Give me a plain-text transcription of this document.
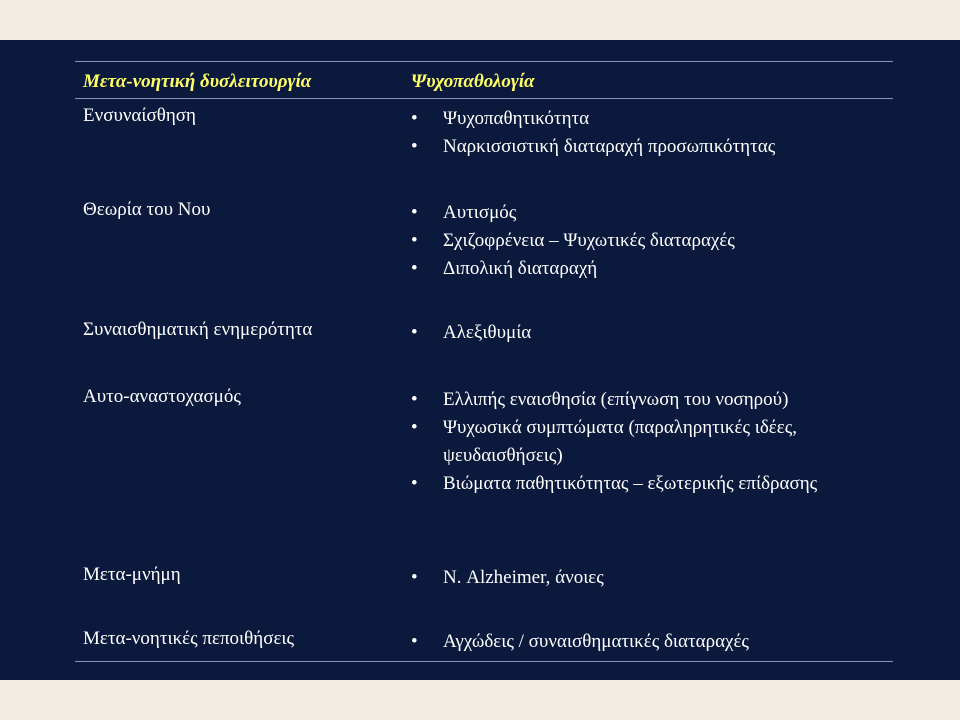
Μετα-νοητική δυσλειτουργία	Ψυχοπαθολογία
Ενσυναίσθηση	•	Ψυχοπαθητικότητα
•	Ναρκισσιστική διαταραχή προσωπικότητας
Θεωρία του Νου	•	Αυτισμός
•	Σχιζοφρένεια – Ψυχωτικές διαταραχές
•	Διπολική διαταραχή
Συναισθηματική ενημερότητα	•	Αλεξιθυμία
Αυτο-αναστοχασμός	•	Ελλιπής εναισθησία (επίγνωση του νοσηρού)
•	Ψυχωσικά συμπτώματα (παραληρητικές ιδέες, ψευδαισθήσεις)
•	Βιώματα παθητικότητας – εξωτερικής επίδρασης
Μετα-μνήμη	•	Ν. Alzheimer, άνοιες
Μετα-νοητικές πεποιθήσεις	•	Αγχώδεις / συναισθηματικές διαταραχές
